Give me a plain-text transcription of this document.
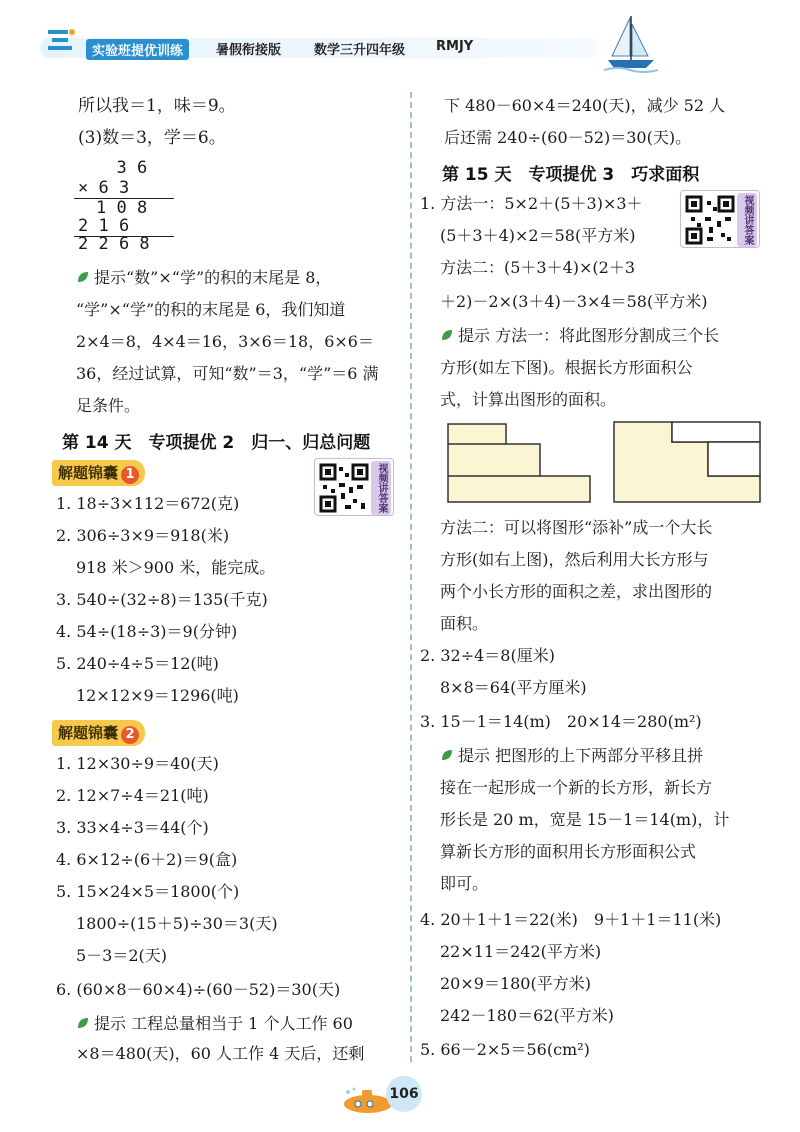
实验班提优训练	暑假衔接版	数学三升四年级 RMJY
所以我＝1，味＝9。
(3)数＝3，学＝6。
3 6
× 6 3
1 0 8
2 1 6
2 2 6 8
提示“数”×“学”的积的末尾是 8，
“学”×“学”的积的末尾是 6，我们知道
2×4＝8，4×4＝16，3×6＝18，6×6＝
36，经过试算，可知“数”＝3，“学”＝6 满
足条件。
第 14 天　专项提优 2　归一、归总问题
解题锦囊 1	视频讲答案
1. 18÷3×112＝672(克)
2. 306÷3×9＝918(米)
918 米＞900 米，能完成。
3. 540÷(32÷8)＝135(千克)
4. 54÷(18÷3)＝9(分钟)
5. 240÷4÷5＝12(吨)
12×12×9＝1296(吨)
解题锦囊 2
1. 12×30÷9＝40(天)
2. 12×7÷4＝21(吨)
3. 33×4÷3＝44(个)
4. 6×12÷(6＋2)＝9(盒)
5. 15×24×5＝1800(个)
1800÷(15＋5)÷30＝3(天)
5－3＝2(天)
6. (60×8－60×4)÷(60－52)＝30(天)
提示 工程总量相当于 1 个人工作 60
×8＝480(天)，60 人工作 4 天后，还剩
下 480－60×4＝240(天)，减少 52 人
后还需 240÷(60－52)＝30(天)。
第 15 天　专项提优 3　巧求面积
视频讲答案
1. 方法一：5×2＋(5＋3)×3＋
(5＋3＋4)×2＝58(平方米)
方法二：(5＋3＋4)×(2＋3
＋2)－2×(3＋4)－3×4＝58(平方米)
提示 方法一：将此图形分割成三个长
方形(如左下图)。根据长方形面积公
式，计算出图形的面积。
方法二：可以将图形“添补”成一个大长
方形(如右上图)，然后利用大长方形与
两个小长方形的面积之差，求出图形的
面积。
2. 32÷4＝8(厘米)
8×8＝64(平方厘米)
3. 15－1＝14(m)　20×14＝280(m²)
提示 把图形的上下两部分平移且拼
接在一起形成一个新的长方形，新长方
形长是 20 m，宽是 15－1＝14(m)，计
算新长方形的面积用长方形面积公式
即可。
4. 20＋1＋1＝22(米)　9＋1＋1＝11(米)
22×11＝242(平方米)
20×9＝180(平方米)
242－180＝62(平方米)
5. 66－2×5＝56(cm²)
106
